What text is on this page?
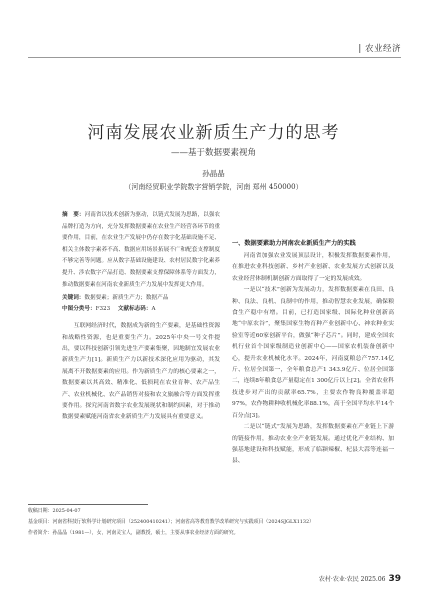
| 农业经济
河南发展农业新质生产力的思考
——基于数据要素视角
孙晶晶
（河南经贸职业学院数字营销学院，河南 郑州 450000）

摘　要：河南省以技术创新为驱动，以链式发展为思路，以强农品牌打造为方向，充分发挥数据要素在农业生产经营各环节的重要作用，目前，在农业生产发展中仍存在数字化基础设施不足、相关主体数字素养不高、数据应用场景拓展不广和配套支撑制度不够完善等问题。应从数字基础设施建设、农村居民数字化素养提升、涉农数字产品打造、数据要素支撑保障体系等方面发力，推动数据要素在河南农业新质生产力发展中发挥更大作用。

关键词：数据要素；新质生产力；数据产品

中图分类号：F323 文献标志码：A

互联网经济时代，数据成为新的生产要素，是基础性资源和战略性资源，也是重要生产力。2025年中央一号文件提出，要以科技创新引领先进生产要素集聚，因地制宜发展农业新质生产力[1]。新质生产力以新技术深化应用为驱动，其发展离不开数据要素的应用。作为新质生产力的核心要素之一，数据要素以其高效、精准化、低损耗在农业育种、农产品生产、农业机械化、农产品销售对接和农文旅融合等方面发挥重要作用。探究河南省数字农业发展现状和制约因素，对于推动数据要素赋能河南省农业新质生产力发展具有重要意义。

一、数据要素助力河南农业新质生产力的实践

河南省加强农业发展顶层设计，积极发挥数据要素作用，在推进农业科技创新、乡村产业创新、农业发展方式创新以及农业经营体制机制创新方面取得了一定的发展成效。

一是以“技术”创新为发展动力，发挥数据要素在良田、良种、良法、良机、良制中的作用，推动智慧农业发展，确保粮食生产稳中有增。目前，已打造国家级、国际化种业创新高地“中原农谷”，聚集国家生物育种产业创新中心、神农种业实验室等近60家创新平台，做强“种子芯片”。同时，建成全国农机行业首个国家级制造业创新中心——国家农机装备创新中心，提升农业机械化水平。2024年，河南夏粮总产757.14亿斤、位居全国第一，全年粮食总产1 343.9亿斤、位居全国第二，连续8年粮食总产量稳定在1 300亿斤以上[2]。全省农业科技进步对产出的贡献率65.7%，主要农作物良种覆盖率超97%，农作物耕种收机械化率88.1%，高于全国平均水平14个百分点[3]。

二是以“链式”发展为思路，发挥数据要素在产业链上下游的链接作用，推动农业全产业链发展。通过优化产业结构、加强基地建设和科技赋能，形成了临颍辣椒、杞县大蒜等连福一县、

收稿日期：2025-04-07
基金项目：河南省科技厅软科学计划研究项目（252400410241）；河南省高等教育教学改革研究与实践项目（2024SJGLX1132）
作者简介：孙晶晶（1981—），女，河南灵宝人，副教授，硕士，主要从事农业经济方面的研究。
农村·农业·农民 2025.06 39
